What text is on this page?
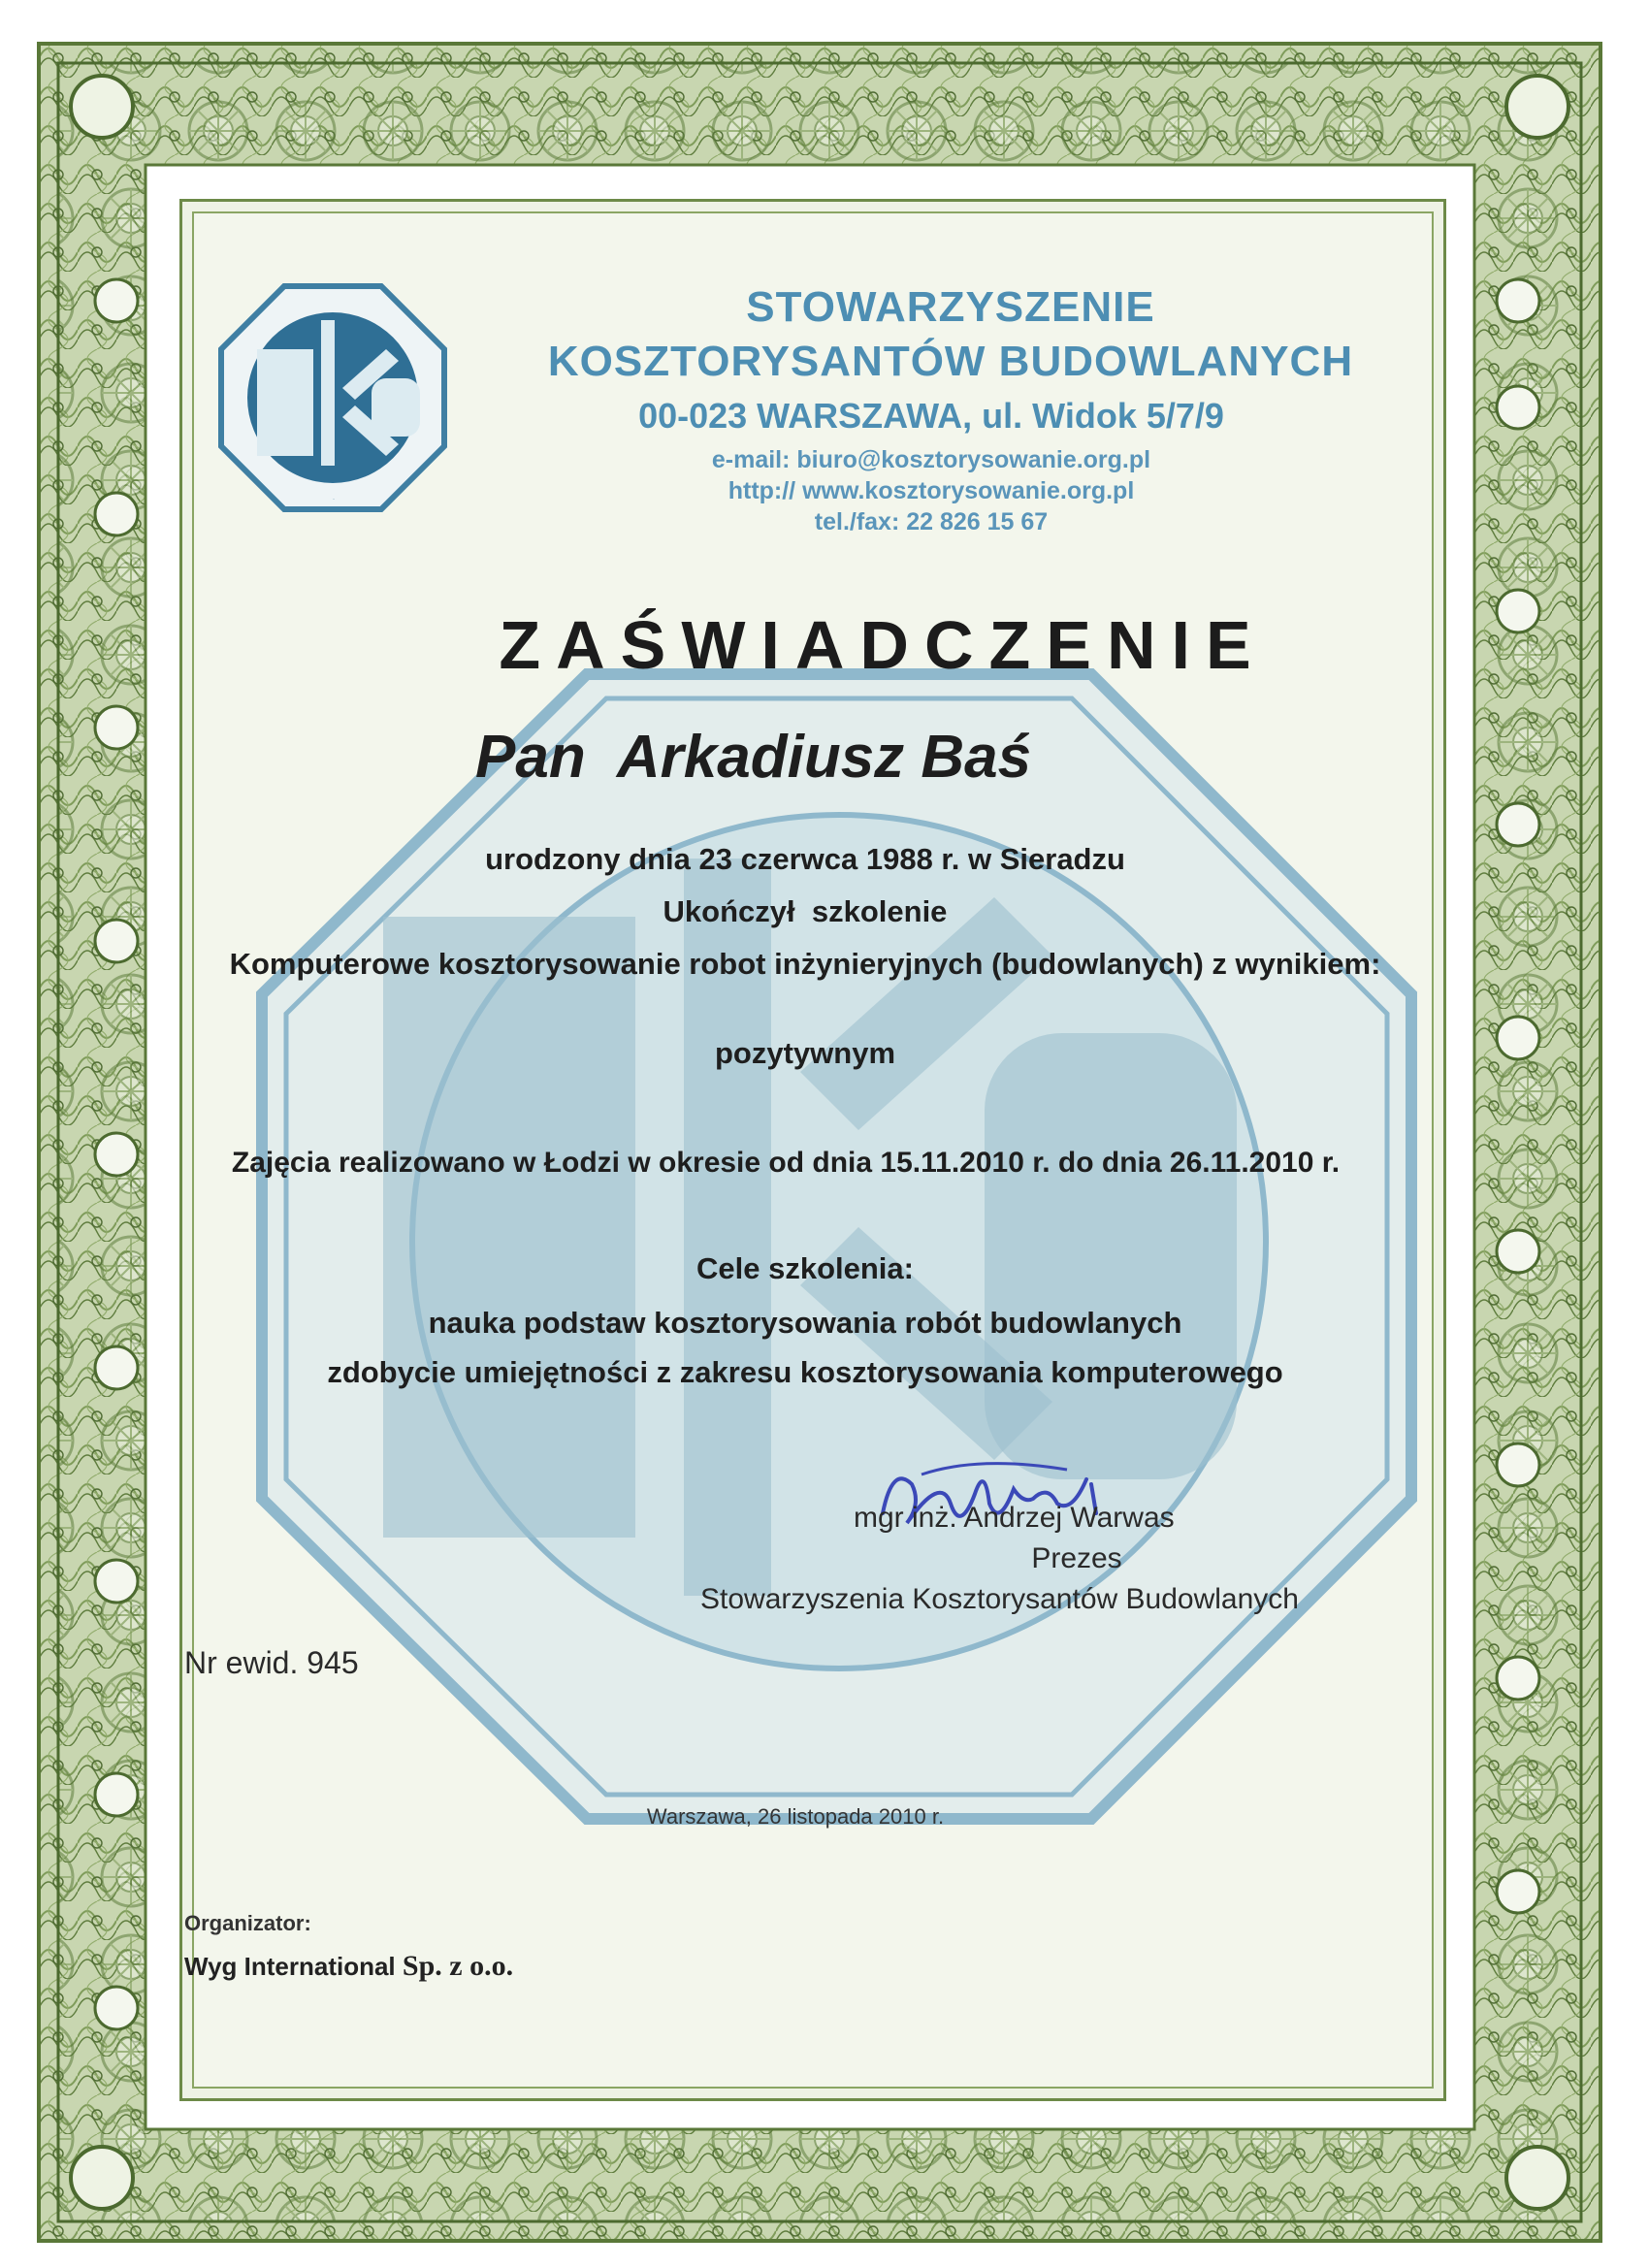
SKB
STOWARZYSZENIE
KOSZTORYSANTÓW BUDOWLANYCH
00-023 WARSZAWA, ul. Widok 5/7/9
e-mail: biuro@kosztorysowanie.org.pl
http:// www.kosztorysowanie.org.pl
tel./fax: 22 826 15 67
ZAŚWIADCZENIE
Pan  Arkadiusz Baś
urodzony dnia 23 czerwca 1988 r. w Sieradzu
Ukończył  szkolenie
Komputerowe kosztorysowanie robot inżynieryjnych (budowlanych) z wynikiem:
pozytywnym
Zajęcia realizowano w Łodzi w okresie od dnia 15.11.2010 r. do dnia 26.11.2010 r.
Cele szkolenia:
nauka podstaw kosztorysowania robót budowlanych
zdobycie umiejętności z zakresu kosztorysowania komputerowego
mgr inż. Andrzej Warwas
Prezes
Stowarzyszenia Kosztorysantów Budowlanych
Nr ewid. 945
Warszawa, 26 listopada 2010 r.
Organizator:
Wyg International Sp. z o.o.
